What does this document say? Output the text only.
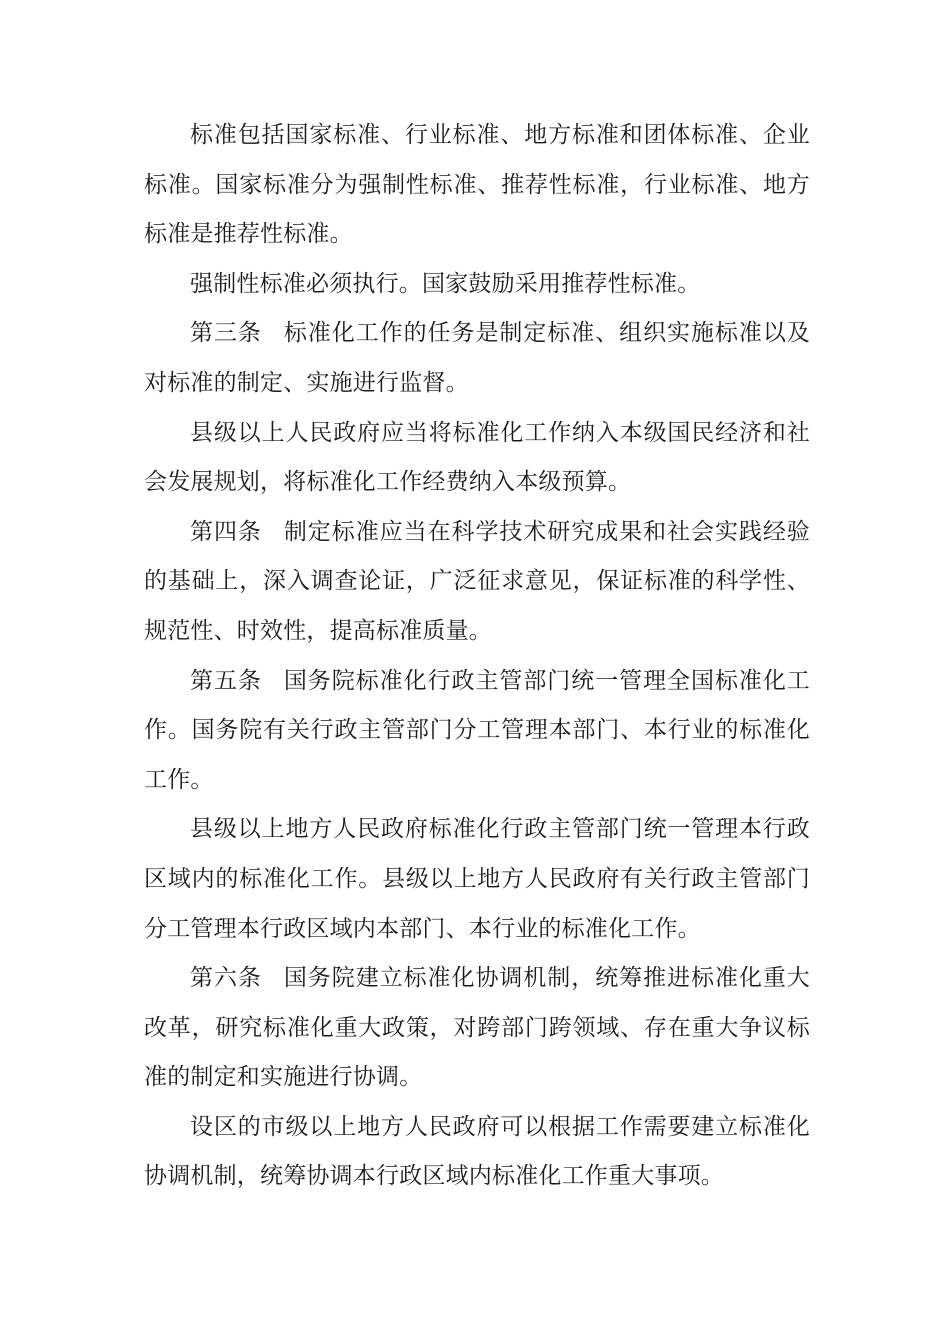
标准包括国家标准、行业标准、地方标准和团体标准、企业标准。国家标准分为强制性标准、推荐性标准，行业标准、地方标准是推荐性标准。

强制性标准必须执行。国家鼓励采用推荐性标准。

第三条 标准化工作的任务是制定标准、组织实施标准以及对标准的制定、实施进行监督。

县级以上人民政府应当将标准化工作纳入本级国民经济和社会发展规划，将标准化工作经费纳入本级预算。

第四条 制定标准应当在科学技术研究成果和社会实践经验的基础上，深入调查论证，广泛征求意见，保证标准的科学性、规范性、时效性，提高标准质量。

第五条 国务院标准化行政主管部门统一管理全国标准化工作。国务院有关行政主管部门分工管理本部门、本行业的标准化工作。

县级以上地方人民政府标准化行政主管部门统一管理本行政区域内的标准化工作。县级以上地方人民政府有关行政主管部门分工管理本行政区域内本部门、本行业的标准化工作。

第六条 国务院建立标准化协调机制，统筹推进标准化重大改革，研究标准化重大政策，对跨部门跨领域、存在重大争议标准的制定和实施进行协调。

设区的市级以上地方人民政府可以根据工作需要建立标准化协调机制，统筹协调本行政区域内标准化工作重大事项。
